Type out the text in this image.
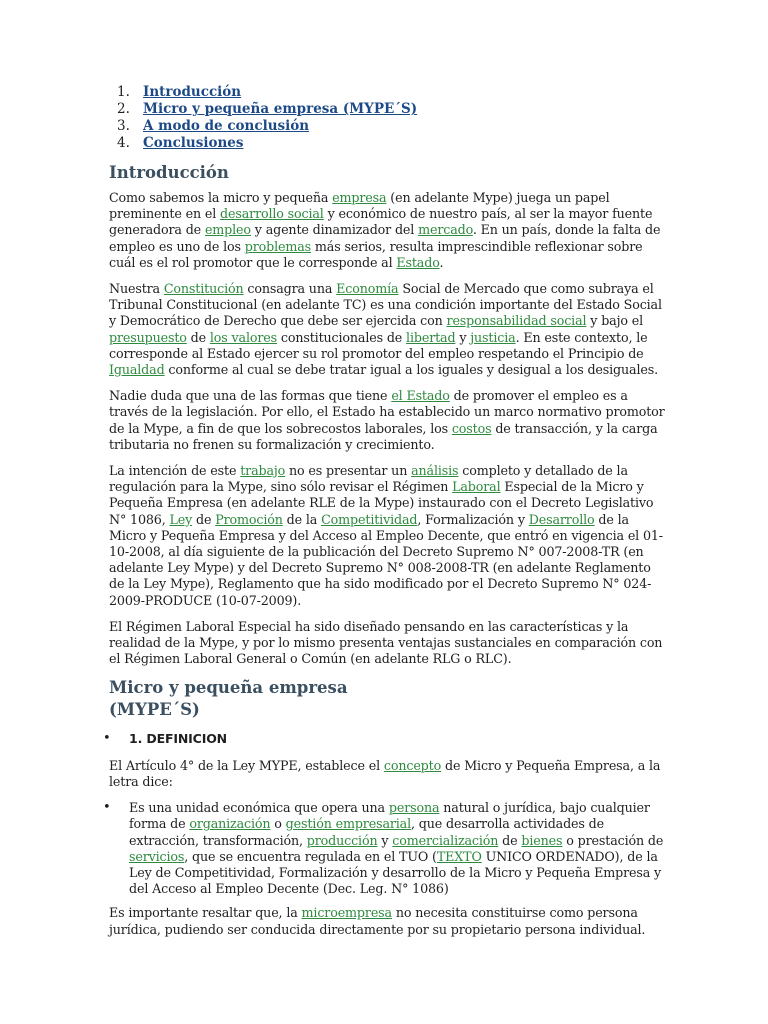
1. Introducción
2. Micro y pequeña empresa (MYPE´S)
3. A modo de conclusión
4. Conclusiones
Introducción

Como sabemos la micro y pequeña empresa (en adelante Mype) juega un papel preminente en el desarrollo social y económico de nuestro país, al ser la mayor fuente generadora de empleo y agente dinamizador del mercado. En un país, donde la falta de empleo es uno de los problemas más serios, resulta imprescindible reflexionar sobre cuál es el rol promotor que le corresponde al Estado.

Nuestra Constitución consagra una Economía Social de Mercado que como subraya el Tribunal Constitucional (en adelante TC) es una condición importante del Estado Social y Democrático de Derecho que debe ser ejercida con responsabilidad social y bajo el presupuesto de los valores constitucionales de libertad y justicia. En este contexto, le corresponde al Estado ejercer su rol promotor del empleo respetando el Principio de Igualdad conforme al cual se debe tratar igual a los iguales y desigual a los desiguales.

Nadie duda que una de las formas que tiene el Estado de promover el empleo es a través de la legislación. Por ello, el Estado ha establecido un marco normativo promotor de la Mype, a fin de que los sobrecostos laborales, los costos de transacción, y la carga tributaria no frenen su formalización y crecimiento.

La intención de este trabajo no es presentar un análisis completo y detallado de la regulación para la Mype, sino sólo revisar el Régimen Laboral Especial de la Micro y Pequeña Empresa (en adelante RLE de la Mype) instaurado con el Decreto Legislativo N° 1086, Ley de Promoción de la Competitividad, Formalización y Desarrollo de la Micro y Pequeña Empresa y del Acceso al Empleo Decente, que entró en vigencia el 01-10-2008, al día siguiente de la publicación del Decreto Supremo N° 007-2008-TR (en adelante Ley Mype) y del Decreto Supremo N° 008-2008-TR (en adelante Reglamento de la Ley Mype), Reglamento que ha sido modificado por el Decreto Supremo N° 024-2009-PRODUCE (10-07-2009).

El Régimen Laboral Especial ha sido diseñado pensando en las características y la realidad de la Mype, y por lo mismo presenta ventajas sustanciales en comparación con el Régimen Laboral General o Común (en adelante RLG o RLC).

Micro y pequeña empresa
(MYPE´S)
• 1. DEFINICION

El Artículo 4° de la Ley MYPE, establece el concepto de Micro y Pequeña Empresa, a la letra dice:

• Es una unidad económica que opera una persona natural o jurídica, bajo cualquier forma de organización o gestión empresarial, que desarrolla actividades de extracción, transformación, producción y comercialización de bienes o prestación de servicios, que se encuentra regulada en el TUO (TEXTO UNICO ORDENADO), de la Ley de Competitividad, Formalización y desarrollo de la Micro y Pequeña Empresa y del Acceso al Empleo Decente (Dec. Leg. N° 1086)

Es importante resaltar que, la microempresa no necesita constituirse como persona jurídica, pudiendo ser conducida directamente por su propietario persona individual.
